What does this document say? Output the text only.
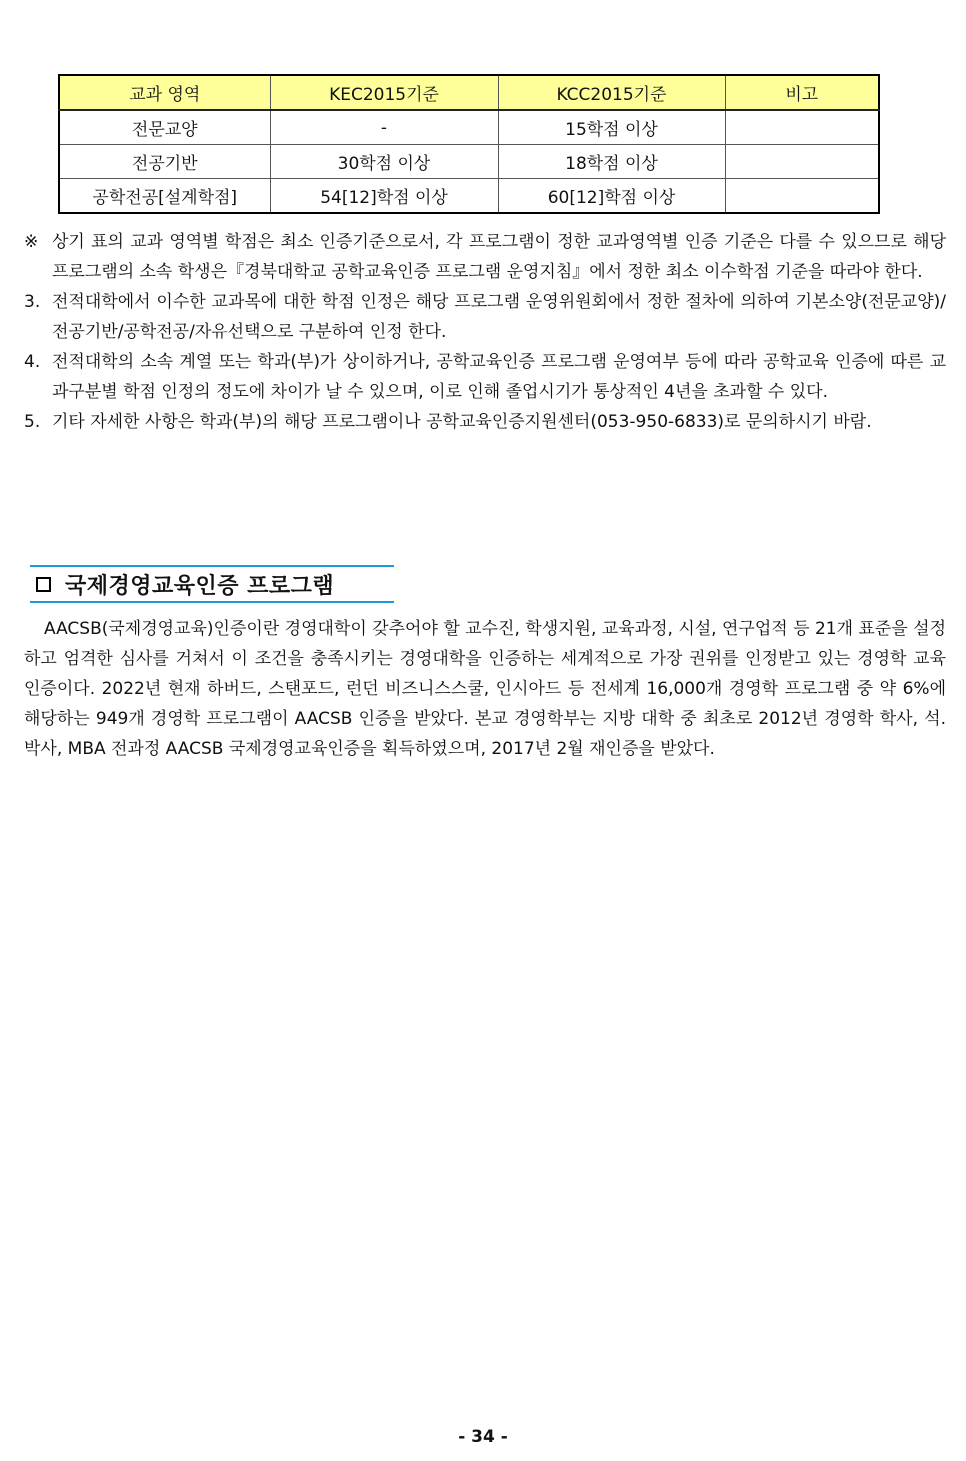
교과 영역	KEC2015기준	KCC2015기준	비고
전문교양	-	15학점 이상	
전공기반	30학점 이상	18학점 이상	
공학전공[설계학점]	54[12]학점 이상	60[12]학점 이상	
※ 상기 표의 교과 영역별 학점은 최소 인증기준으로서, 각 프로그램이 정한 교과영역별 인증 기준은 다를 수 있으므로 해당 프로그램의 소속 학생은『경북대학교 공학교육인증 프로그램 운영지침』에서 정한 최소 이수학점 기준을 따라야 한다.
3. 전적대학에서 이수한 교과목에 대한 학점 인정은 해당 프로그램 운영위원회에서 정한 절차에 의하여 기본소양(전문교양)/전공기반/공학전공/자유선택으로 구분하여 인정 한다.
4. 전적대학의 소속 계열 또는 학과(부)가 상이하거나, 공학교육인증 프로그램 운영여부 등에 따라 공학교육 인증에 따른 교과구분별 학점 인정의 정도에 차이가 날 수 있으며, 이로 인해 졸업시기가 통상적인 4년을 초과할 수 있다.
5. 기타 자세한 사항은 학과(부)의 해당 프로그램이나 공학교육인증지원센터(053-950-6833)로 문의하시기 바람.
국제경영교육인증 프로그램

AACSB(국제경영교육)인증이란 경영대학이 갖추어야 할 교수진, 학생지원, 교육과정, 시설, 연구업적 등 21개 표준을 설정하고 엄격한 심사를 거쳐서 이 조건을 충족시키는 경영대학을 인증하는 세계적으로 가장 권위를 인정받고 있는 경영학 교육 인증이다. 2022년 현재 하버드, 스탠포드, 런던 비즈니스스쿨, 인시아드 등 전세계 16,000개 경영학 프로그램 중 약 6%에 해당하는 949개 경영학 프로그램이 AACSB 인증을 받았다. 본교 경영학부는 지방 대학 중 최초로 2012년 경영학 학사, 석.박사, MBA 전과정 AACSB 국제경영교육인증을 획득하였으며, 2017년 2월 재인증을 받았다.

- 34 -
